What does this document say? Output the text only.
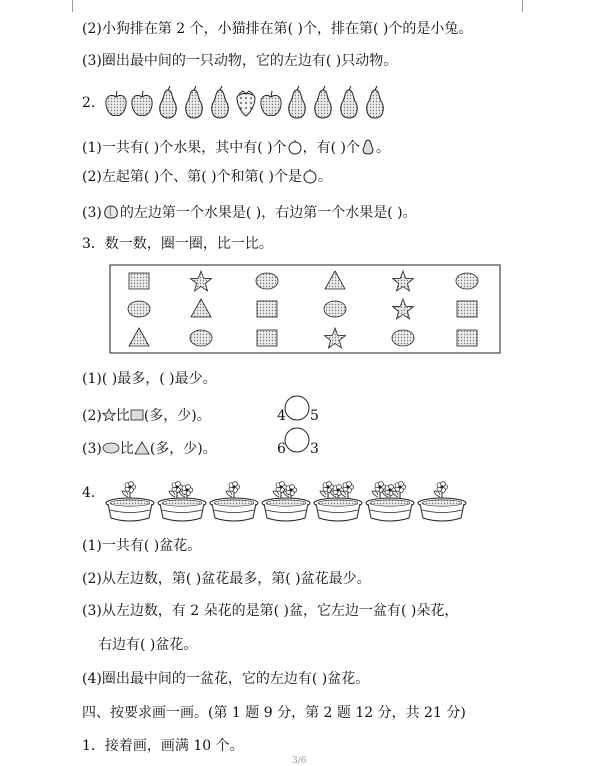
(2)小狗排在第 2 个，小猫排在第( )个，排在第( )个的是小兔。
(3)圈出最中间的一只动物，它的左边有( )只动物。
2．
(1)一共有( )个水果，其中有( )个 ，有( )个 。
(2)左起第( )个、第( )个和第( )个是 。
(3) 的左边第一个水果是( )，右边第一个水果是( )。
3．数一数，圈一圈，比一比。
(1)( )最多，( )最少。
(2) 比 (多，少)。	4 5
(3) 比 (多，少)。	6 3
4．
(1)一共有( )盆花。
(2)从左边数，第( )盆花最多，第( )盆花最少。
(3)从左边数，有 2 朵花的是第( )盆，它左边一盆有( )朵花，
右边有( )盆花。
(4)圈出最中间的一盆花，它的左边有( )盆花。
四、按要求画一画。(第 1 题 9 分，第 2 题 12 分，共 21 分)
1．接着画，画满 10 个。
3/6
